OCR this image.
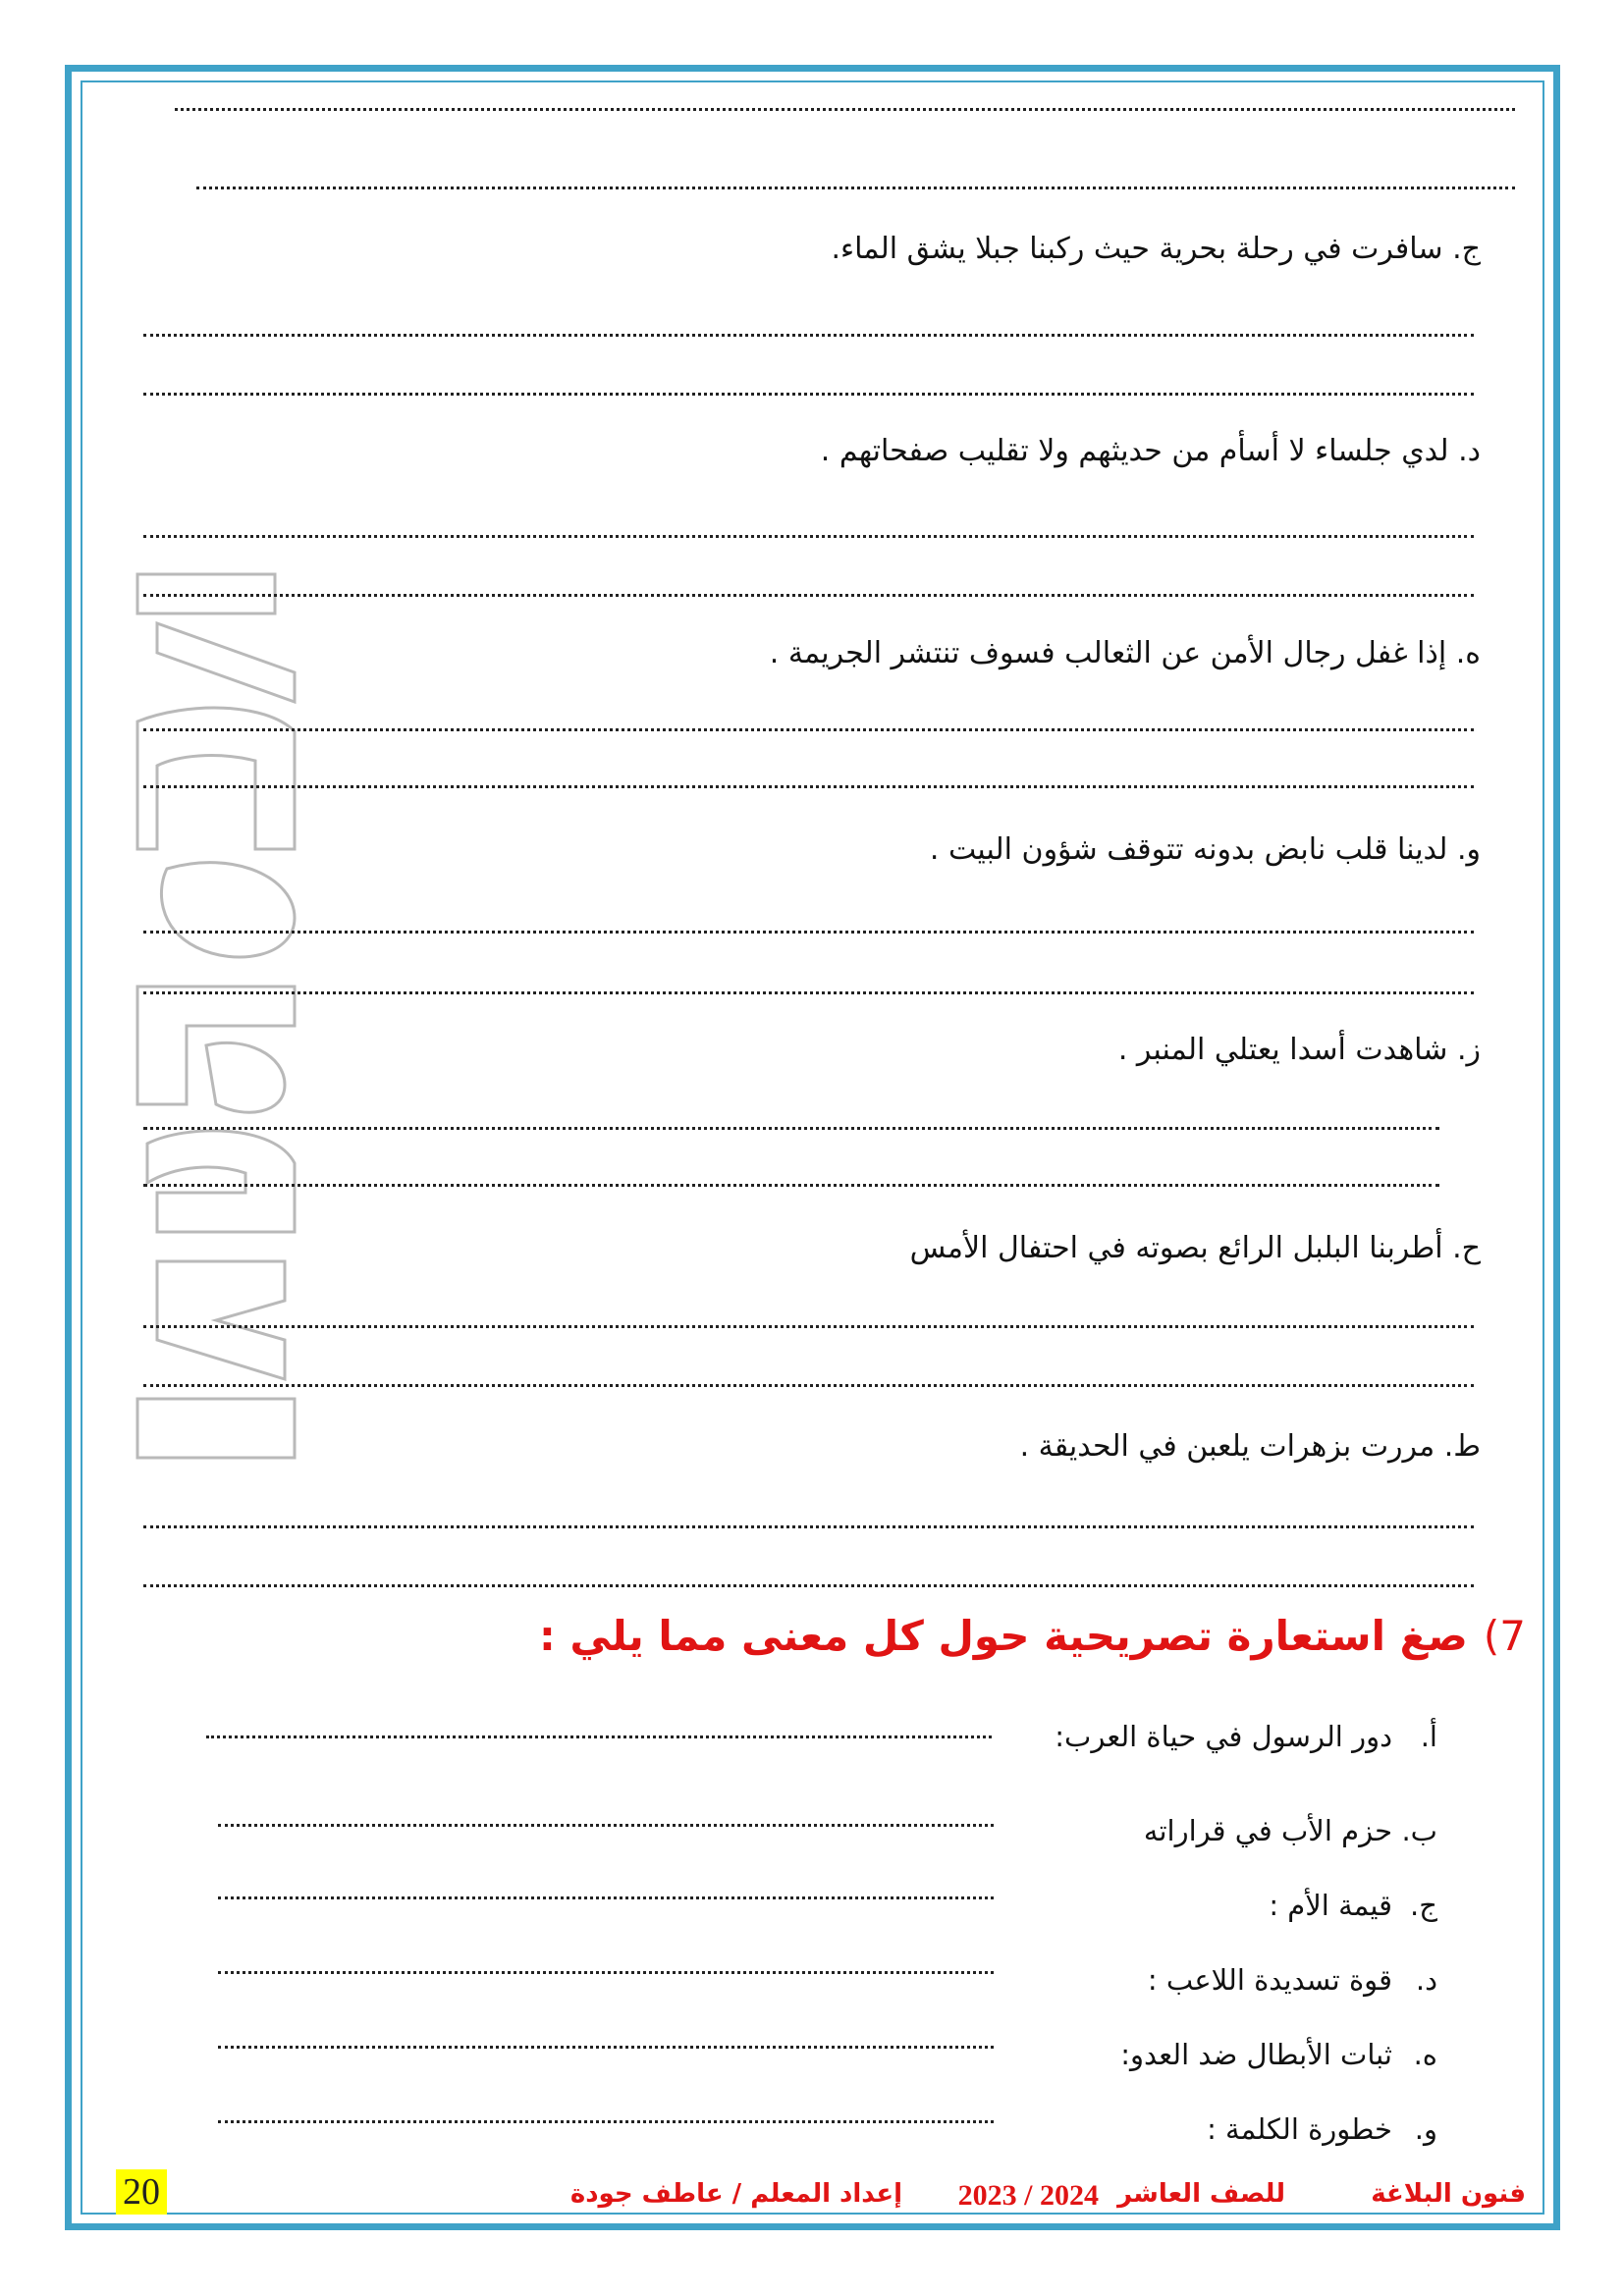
ج. سافرت في رحلة بحرية حيث ركبنا جبلا يشق الماء.
د. لدي جلساء لا أسأم من حديثهم ولا تقليب صفحاتهم .
ه. إذا غفل رجال الأمن عن الثعالب فسوف تنتشر الجريمة .
و. لدينا قلب نابض بدونه تتوقف شؤون البيت .
ز. شاهدت أسدا يعتلي المنبر .
ح. أطربنا البلبل الرائع بصوته في احتفال الأمس
ط. مررت بزهرات يلعبن في الحديقة .
7)صغ استعارة تصريحية حول كل معنى مما يلي :
أ.دور الرسول في حياة العرب:
ب.حزم الأب في قراراته
ج.قيمة الأم :
د.قوة تسديدة اللاعب :
ه.ثبات الأبطال ضد العدو:
و.خطورة الكلمة :
20	فنون البلاغة
للصف العاشر
2024 / 2023
إعداد المعلم / عاطف جودة
